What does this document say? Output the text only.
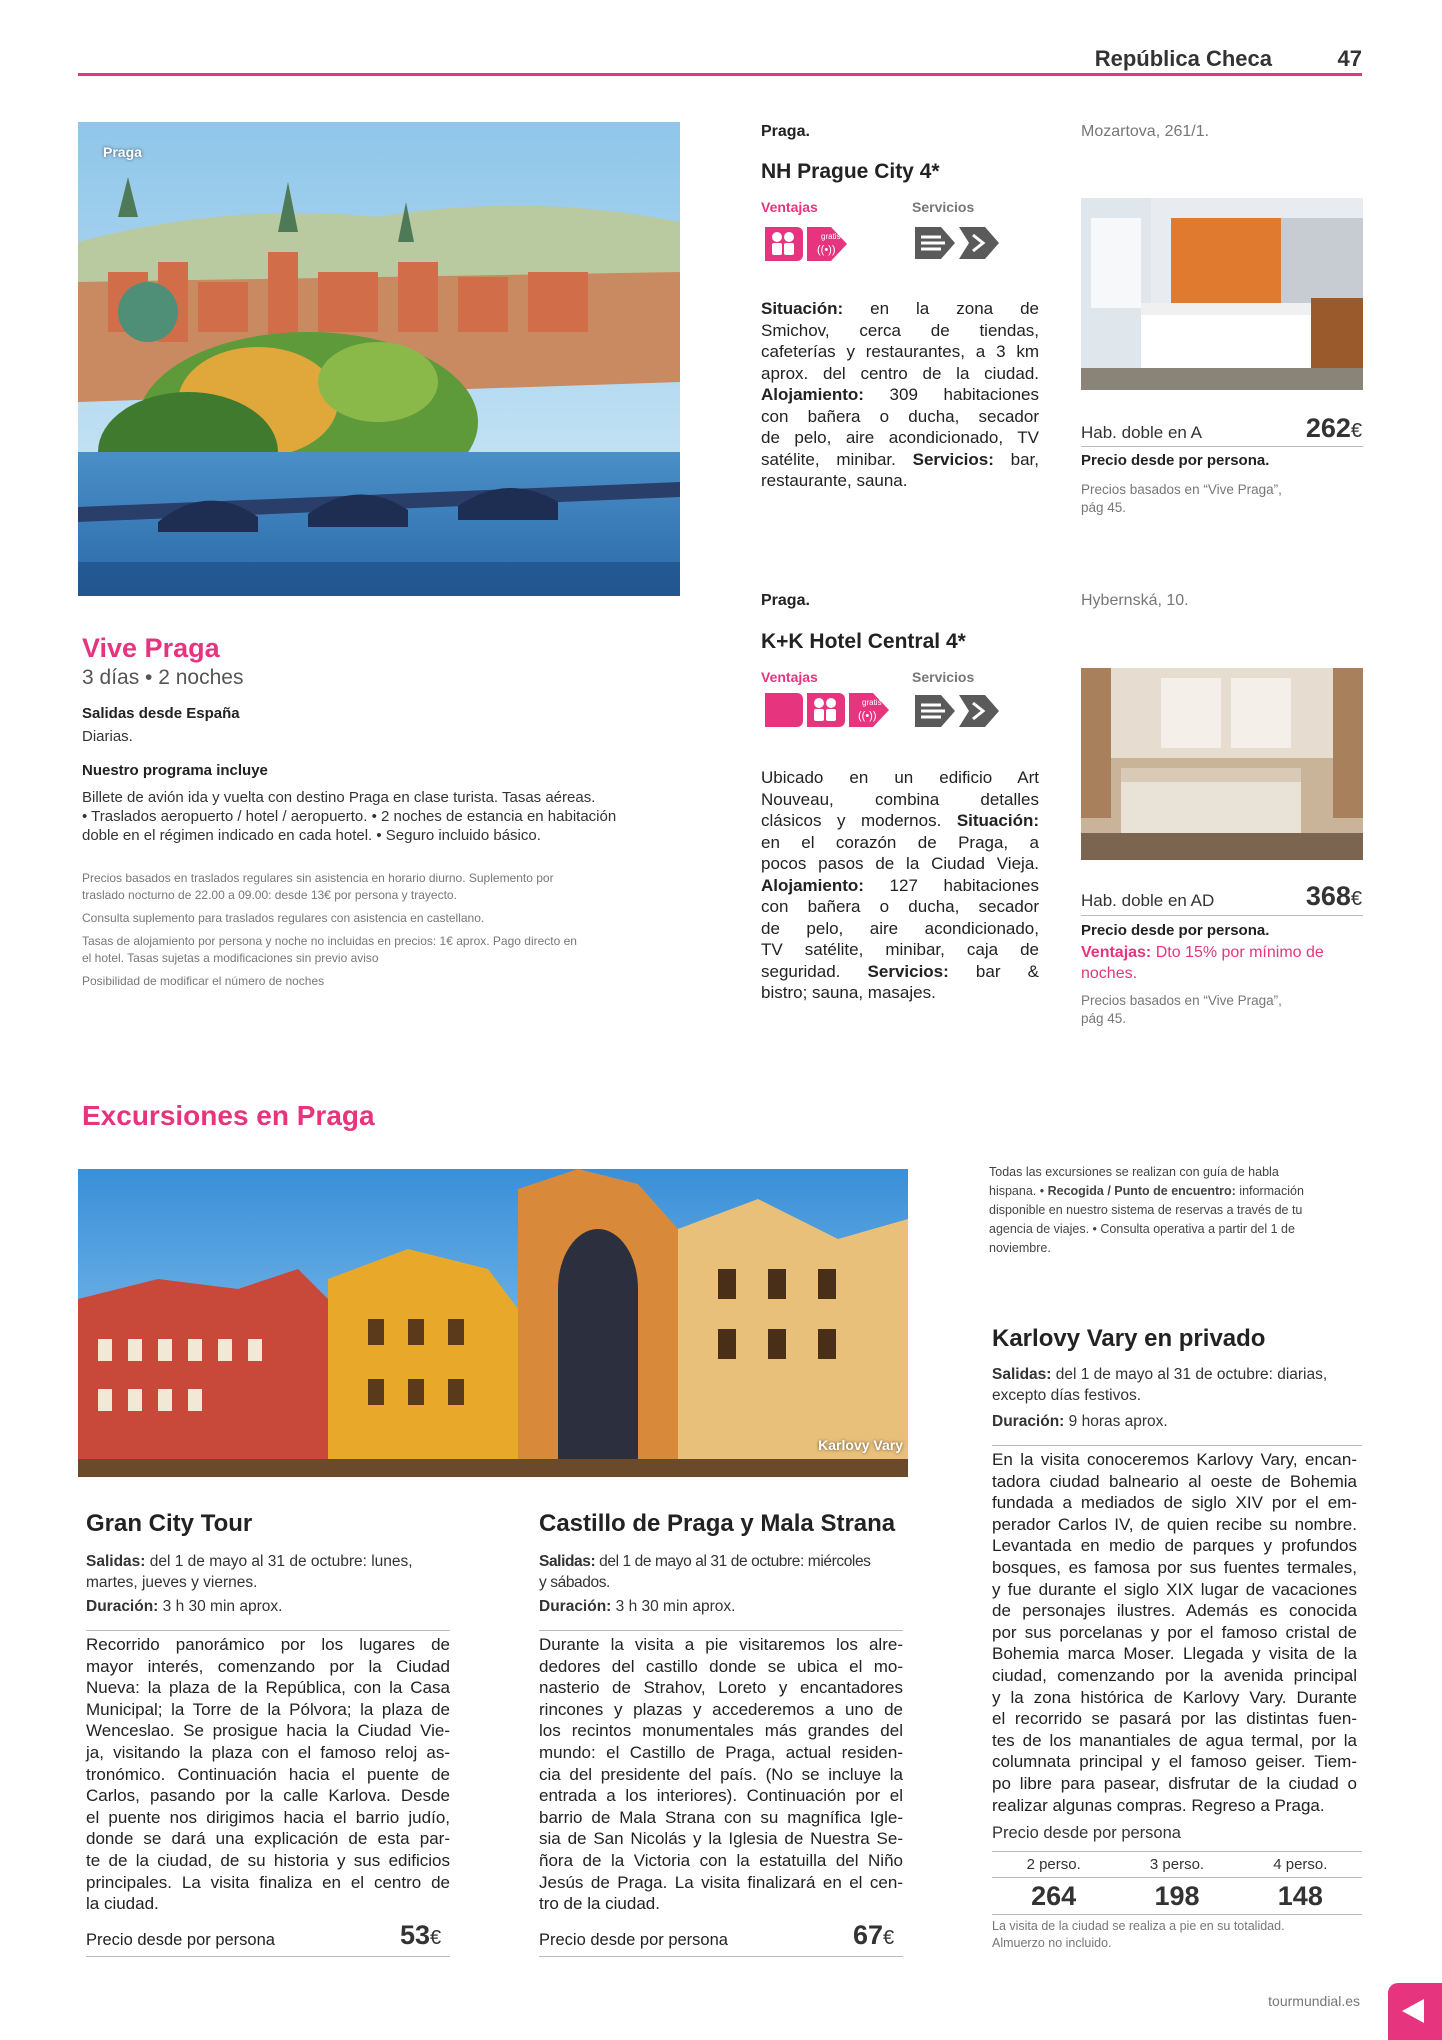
República Checa	47
Praga
Vive Praga
3 días • 2 noches
Salidas desde España
Diarias.
Nuestro programa incluye
Billete de avión ida y vuelta con destino Praga en clase turista. Tasas aéreas.
• Traslados aeropuerto / hotel / aeropuerto. • 2 noches de estancia en habitación
doble en el régimen indicado en cada hotel. • Seguro incluido básico.
Precios basados en traslados regulares sin asistencia en horario diurno. Suplemento por
traslado nocturno de 22.00 a 09.00: desde 13€ por persona y trayecto.
Consulta suplemento para traslados regulares con asistencia en castellano.
Tasas de alojamiento por persona y noche no incluidas en precios: 1€ aprox. Pago directo en
el hotel. Tasas sujetas a modificaciones sin previo aviso
Posibilidad de modificar el número de noches
Praga.
NH Prague City 4*
Ventajas	Servicios
gratis
((•))
Situación: en la zona de
Smichov, cerca de tiendas,
cafeterías y restaurantes, a 3 km
aprox. del centro de la ciudad.
Alojamiento: 309 habitaciones
con bañera o ducha, secador
de pelo, aire acondicionado, TV
satélite, minibar. Servicios: bar,
restaurante, sauna.
Mozartova, 261/1.
Hab. doble en A	262€
Precio desde por persona.
Precios basados en “Vive Praga”,
pág 45.
Praga.
K+K Hotel Central 4*
Ventajas	Servicios
gratis
((•))
Ubicado en un edificio Art
Nouveau, combina detalles
clásicos y modernos. Situación:
en el corazón de Praga, a
pocos pasos de la Ciudad Vieja.
Alojamiento: 127 habitaciones
con bañera o ducha, secador
de pelo, aire acondicionado,
TV satélite, minibar, caja de
seguridad. Servicios: bar &
bistro; sauna, masajes.
Hybernská, 10.
Hab. doble en AD	368€
Precio desde por persona.
Ventajas: Dto 15% por mínimo de
noches.
Precios basados en “Vive Praga”,
pág 45.
Excursiones en Praga
Karlovy Vary
Todas las excursiones se realizan con guía de habla
hispana. • Recogida / Punto de encuentro: información
disponible en nuestro sistema de reservas a través de tu
agencia de viajes. • Consulta operativa a partir del 1 de
noviembre.
Gran City Tour
Salidas: del 1 de mayo al 31 de octubre: lunes,
martes, jueves y viernes.
Duración: 3 h 30 min aprox.
Recorrido panorámico por los lugares de
mayor interés, comenzando por la Ciudad
Nueva: la plaza de la República, con la Casa
Municipal; la Torre de la Pólvora; la plaza de
Wenceslao. Se prosigue hacia la Ciudad Vie-
ja, visitando la plaza con el famoso reloj as-
tronómico. Continuación hacia el puente de
Carlos, pasando por la calle Karlova. Desde
el puente nos dirigimos hacia el barrio judío,
donde se dará una explicación de esta par-
te de la ciudad, de su historia y sus edificios
principales. La visita finaliza en el centro de
la ciudad.
Precio desde por persona	53€
Castillo de Praga y Mala Strana
Salidas: del 1 de mayo al 31 de octubre: miércoles
y sábados.
Duración: 3 h 30 min aprox.
Durante la visita a pie visitaremos los alre-
dedores del castillo donde se ubica el mo-
nasterio de Strahov, Loreto y encantadores
rincones y plazas y accederemos a uno de
los recintos monumentales más grandes del
mundo: el Castillo de Praga, actual residen-
cia del presidente del país. (No se incluye la
entrada a los interiores). Continuación por el
barrio de Mala Strana con su magnífica Igle-
sia de San Nicolás y la Iglesia de Nuestra Se-
ñora de la Victoria con la estatuilla del Niño
Jesús de Praga. La visita finalizará en el cen-
tro de la ciudad.
Precio desde por persona	67€
Karlovy Vary en privado
Salidas: del 1 de mayo al 31 de octubre: diarias,
excepto días festivos.
Duración: 9 horas aprox.
En la visita conoceremos Karlovy Vary, encan-
tadora ciudad balneario al oeste de Bohemia
fundada a mediados de siglo XIV por el em-
perador Carlos IV, de quien recibe su nombre.
Levantada en medio de parques y profundos
bosques, es famosa por sus fuentes termales,
y fue durante el siglo XIX lugar de vacaciones
de personajes ilustres. Además es conocida
por sus porcelanas y por el famoso cristal de
Bohemia marca Moser. Llegada y visita de la
ciudad, comenzando por la avenida principal
y la zona histórica de Karlovy Vary. Durante
el recorrido se pasará por las distintas fuen-
tes de los manantiales de agua termal, por la
columnata principal y el famoso geiser. Tiem-
po libre para pasear, disfrutar de la ciudad o
realizar algunas compras. Regreso a Praga.
Precio desde por persona
2 perso.	3 perso.	4 perso.
264	198	148
La visita de la ciudad se realiza a pie en su totalidad.
Almuerzo no incluido.
tourmundial.es
